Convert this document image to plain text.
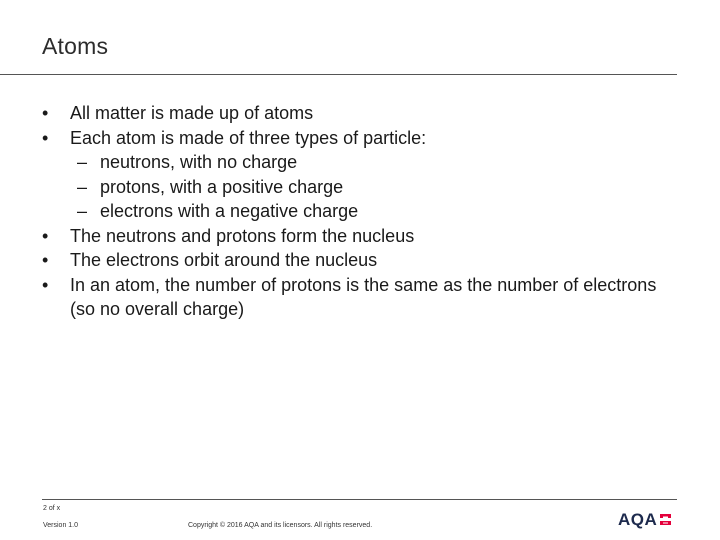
Atoms
•	All matter is made up of atoms
•	Each atom is made of three types of particle:
– neutrons, with no charge
– protons, with a positive charge
– electrons with a negative charge
•	The neutrons and protons form the nucleus
•	The electrons orbit around the nucleus
•	In an atom, the number of protons is the same as the number of electrons (so no overall charge)
2 of x
Version 1.0	Copyright © 2016 AQA and its licensors. All rights reserved.	AQA
